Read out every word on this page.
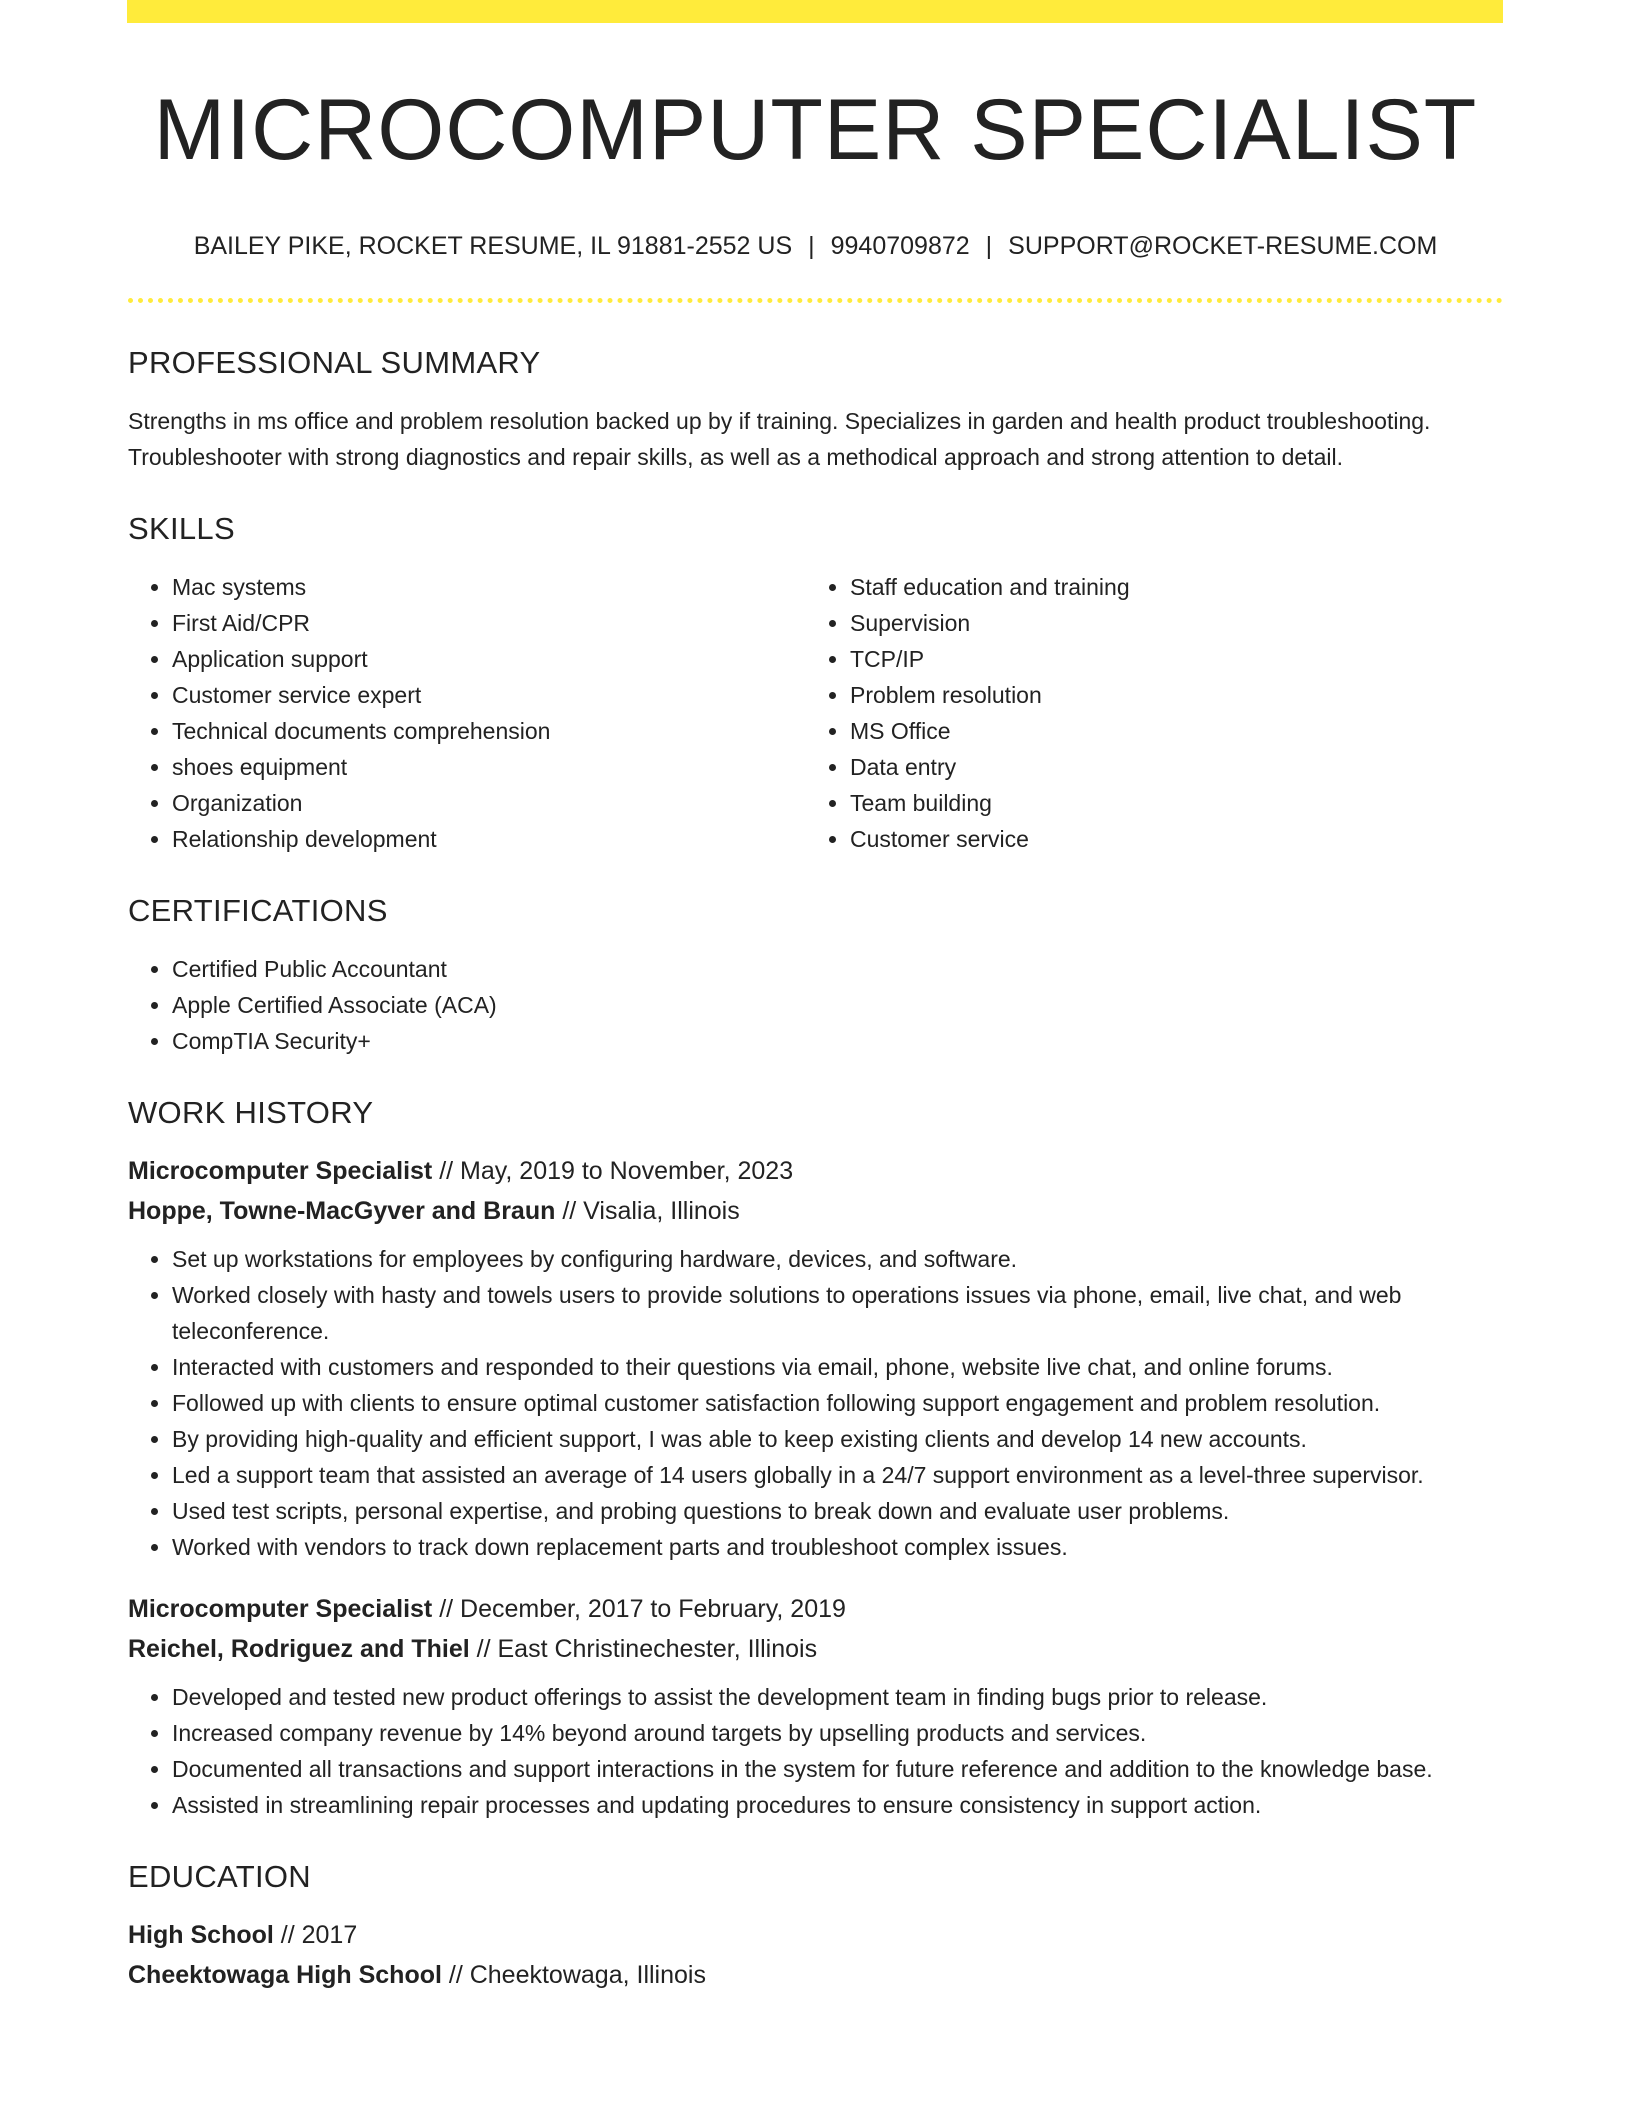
MICROCOMPUTER SPECIALIST
BAILEY PIKE, ROCKET RESUME, IL 91881-2552 US | 9940709872 | SUPPORT@ROCKET-RESUME.COM
PROFESSIONAL SUMMARY

Strengths in ms office and problem resolution backed up by if training. Specializes in garden and health product troubleshooting. Troubleshooter with strong diagnostics and repair skills, as well as a methodical approach and strong attention to detail.

SKILLS
• Mac systems
• First Aid/CPR
• Application support
• Customer service expert
• Technical documents comprehension
• shoes equipment
• Organization
• Relationship development
• Staff education and training
• Supervision
• TCP/IP
• Problem resolution
• MS Office
• Data entry
• Team building
• Customer service
CERTIFICATIONS
• Certified Public Accountant
• Apple Certified Associate (ACA)
• CompTIA Security+
WORK HISTORY
Microcomputer Specialist // May, 2019 to November, 2023
Hoppe, Towne-MacGyver and Braun // Visalia, Illinois
• Set up workstations for employees by configuring hardware, devices, and software.
• Worked closely with hasty and towels users to provide solutions to operations issues via phone, email, live chat, and web teleconference.
• Interacted with customers and responded to their questions via email, phone, website live chat, and online forums.
• Followed up with clients to ensure optimal customer satisfaction following support engagement and problem resolution.
• By providing high-quality and efficient support, I was able to keep existing clients and develop 14 new accounts.
• Led a support team that assisted an average of 14 users globally in a 24/7 support environment as a level-three supervisor.
• Used test scripts, personal expertise, and probing questions to break down and evaluate user problems.
• Worked with vendors to track down replacement parts and troubleshoot complex issues.
Microcomputer Specialist // December, 2017 to February, 2019
Reichel, Rodriguez and Thiel // East Christinechester, Illinois
• Developed and tested new product offerings to assist the development team in finding bugs prior to release.
• Increased company revenue by 14% beyond around targets by upselling products and services.
• Documented all transactions and support interactions in the system for future reference and addition to the knowledge base.
• Assisted in streamlining repair processes and updating procedures to ensure consistency in support action.
EDUCATION
High School // 2017
Cheektowaga High School // Cheektowaga, Illinois
